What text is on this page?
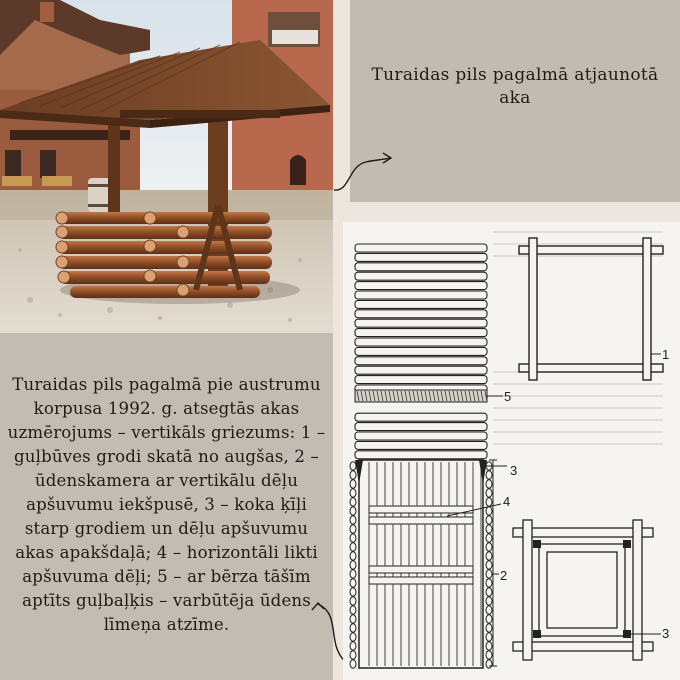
Turaidas pils pagalmā atjaunotā aka

Turaidas pils pagalmā pie austrumu korpusa 1992. g. atsegtās akas uzmērojums – vertikāls griezums: 1 – guļbūves grodi skatā no augšas, 2 – ūdenskamera ar vertikālu dēļu apšuvumu iekšpusē, 3 – koka ķīļi starp grodiem un dēļu apšuvumu akas apakšdaļā; 4 – horizontāli likti apšuvuma dēļi; 5 – ar bērza tāšīm aptīts guļbaļķis – varbūtēja ūdens līmeņa atzīme.

5
3
4
2
1
3
